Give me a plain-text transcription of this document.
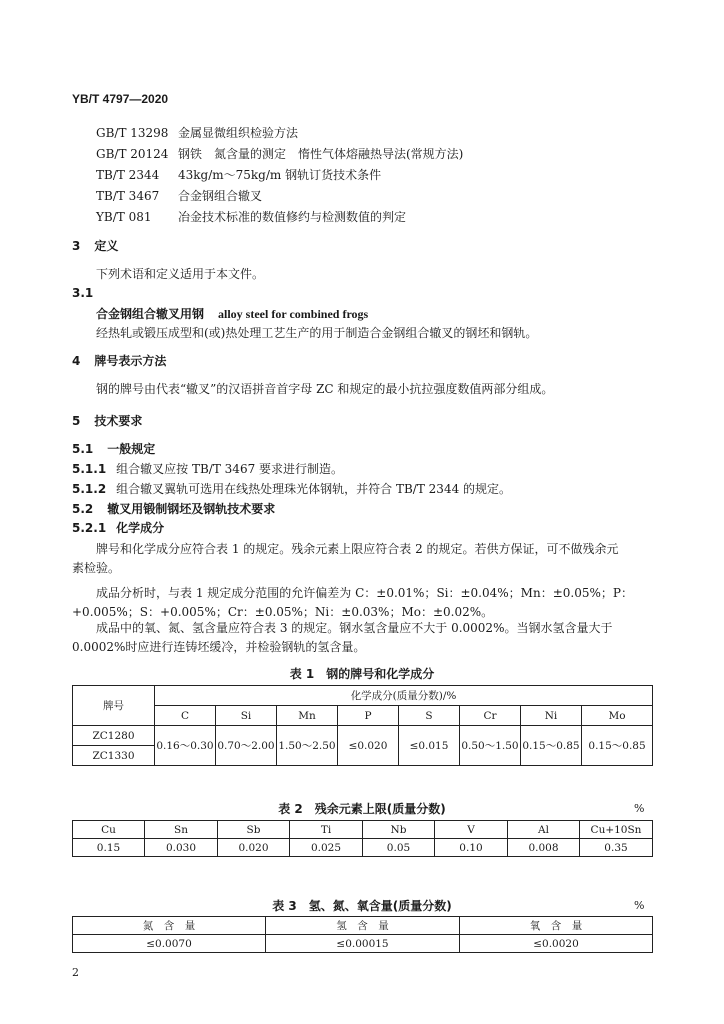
YB/T 4797—2020
GB/T 13298 金属显微组织检验方法
GB/T 20124 钢铁　氮含量的测定　惰性气体熔融热导法(常规方法)
TB/T 2344 43kg/m～75kg/m 钢轨订货技术条件
TB/T 3467 合金钢组合辙叉
YB/T 081 冶金技术标准的数值修约与检测数值的判定
3 定义
下列术语和定义适用于本文件。
3.1
合金钢组合辙叉用钢 alloy steel for combined frogs
经热轧或锻压成型和(或)热处理工艺生产的用于制造合金钢组合辙叉的钢坯和钢轨。
4 牌号表示方法
钢的牌号由代表“辙叉”的汉语拼音首字母 ZC 和规定的最小抗拉强度数值两部分组成。
5 技术要求
5.1 一般规定
5.1.1 组合辙叉应按 TB/T 3467 要求进行制造。
5.1.2 组合辙叉翼轨可选用在线热处理珠光体钢轨，并符合 TB/T 2344 的规定。
5.2 辙叉用锻制钢坯及钢轨技术要求
5.2.1 化学成分
牌号和化学成分应符合表 1 的规定。残余元素上限应符合表 2 的规定。若供方保证，可不做残余元
素检验。
成品分析时，与表 1 规定成分范围的允许偏差为 C：±0.01%；Si：±0.04%；Mn：±0.05%；P：
+0.005%；S：+0.005%；Cr：±0.05%；Ni：±0.03%；Mo：±0.02%。
成品中的氧、氮、氢含量应符合表 3 的规定。钢水氢含量应不大于 0.0002%。当钢水氢含量大于
0.0002%时应进行连铸坯缓冷，并检验钢轨的氢含量。
表 1　钢的牌号和化学成分
牌号	化学成分(质量分数)/%							
	C	Si	Mn	P	S	Cr	Ni	Mo
ZC1280	0.16～0.30	0.70～2.00	1.50～2.50	≤0.020	≤0.015	0.50～1.50	0.15～0.85	0.15～0.85
ZC1330								
表 2　残余元素上限(质量分数)	%
Cu	Sn	Sb	Ti	Nb	V	Al	Cu+10Sn
0.15	0.030	0.020	0.025	0.05	0.10	0.008	0.35
表 3　氢、氮、氧含量(质量分数)	%
氮　含　量	氢　含　量	氧　含　量
≤0.0070	≤0.00015	≤0.0020
2
